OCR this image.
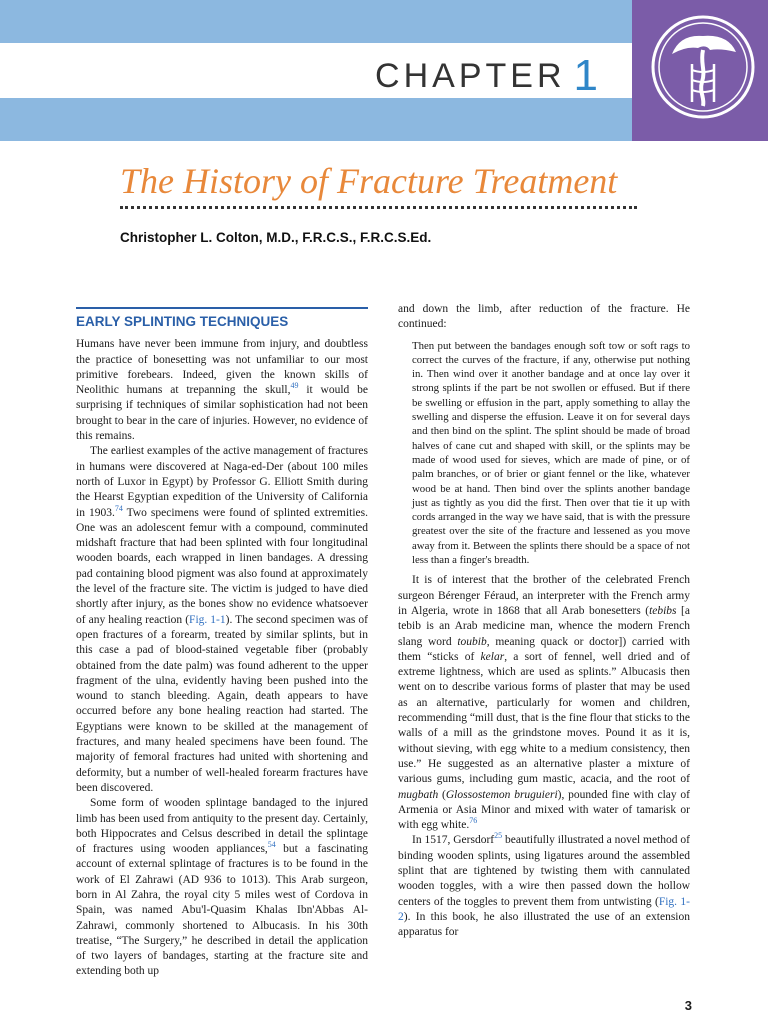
CHAPTER 1
The History of Fracture Treatment
Christopher L. Colton, M.D., F.R.C.S., F.R.C.S.Ed.
EARLY SPLINTING TECHNIQUES

Humans have never been immune from injury, and doubtless the practice of bonesetting was not unfamiliar to our most primitive forebears. Indeed, given the known skills of Neolithic humans at trepanning the skull,$^{49}$ it would be surprising if techniques of similar sophistication had not been brought to bear in the care of injuries. However, no evidence of this remains.

The earliest examples of the active management of fractures in humans were discovered at Naga-ed-Der (about 100 miles north of Luxor in Egypt) by Professor G. Elliott Smith during the Hearst Egyptian expedition of the University of California in 1903.74 Two specimens were found of splinted extremities. One was an adolescent femur with a compound, comminuted midshaft fracture that had been splinted with four longitudinal wooden boards, each wrapped in linen bandages. A dressing pad containing blood pigment was also found at approximately the level of the fracture site. The victim is judged to have died shortly after injury, as the bones show no evidence whatsoever of any healing reaction (Fig. 1-1). The second specimen was of open fractures of a forearm, treated by similar splints, but in this case a pad of blood-stained vegetable fiber (probably obtained from the date palm) was found adherent to the upper fragment of the ulna, evidently having been pushed into the wound to stanch bleeding. Again, death appears to have occurred before any bone healing reaction had started. The Egyptians were known to be skilled at the management of fractures, and many healed specimens have been found. The majority of femoral fractures had united with shortening and deformity, but a number of well-healed forearm fractures have been discovered.

Some form of wooden splintage bandaged to the injured limb has been used from antiquity to the present day. Certainly, both Hippocrates and Celsus described in detail the splintage of fractures using wooden appliances,$^{54}$ but a fascinating account of external splintage of fractures is to be found in the work of El Zahrawi (AD 936 to 1013). This Arab surgeon, born in Al Zahra, the royal city 5 miles west of Cordova in Spain, was named Abu'l-Quasim Khalas Ibn'Abbas Al-Zahrawi, commonly shortened to Albucasis. In his 30th treatise, “The Surgery,” he described in detail the application of two layers of bandages, starting at the fracture site and extending both up

and down the limb, after reduction of the fracture. He continued:

Then put between the bandages enough soft tow or soft rags to correct the curves of the fracture, if any, otherwise put nothing in. Then wind over it another bandage and at once lay over it strong splints if the part be not swollen or effused. But if there be swelling or effusion in the part, apply something to allay the swelling and disperse the effusion. Leave it on for several days and then bind on the splint. The splint should be made of broad halves of cane cut and shaped with skill, or the splints may be made of wood used for sieves, which are made of pine, or of palm branches, or of brier or giant fennel or the like, whatever wood be at hand. Then bind over the splints another bandage just as tightly as you did the first. Then over that tie it up with cords arranged in the way we have said, that is with the pressure greatest over the site of the fracture and lessened as you move away from it. Between the splints there should be a space of not less than a finger's breadth.

It is of interest that the brother of the celebrated French surgeon Bérenger Féraud, an interpreter with the French army in Algeria, wrote in 1868 that all Arab bonesetters (tebibs [a tebib is an Arab medicine man, whence the modern French slang word toubib, meaning quack or doctor]) carried with them “sticks of kelar, a sort of fennel, well dried and of extreme lightness, which are used as splints.” Albucasis then went on to describe various forms of plaster that may be used as an alternative, particularly for women and children, recommending “mill dust, that is the fine flour that sticks to the walls of a mill as the grindstone moves. Pound it as it is, without sieving, with egg white to a medium consistency, then use.” He suggested as an alternative plaster a mixture of various gums, including gum mastic, acacia, and the root of mugbath (Glossostemon bruguieri), pounded fine with clay of Armenia or Asia Minor and mixed with water of tamarisk or with egg white.$^{76}$

In 1517, Gersdorf$^{25}$ beautifully illustrated a novel method of binding wooden splints, using ligatures around the assembled splint that are tightened by twisting them with cannulated wooden toggles, with a wire then passed down the hollow centers of the toggles to prevent them from untwisting (Fig. 1-2). In this book, he also illustrated the use of an extension apparatus for

3
